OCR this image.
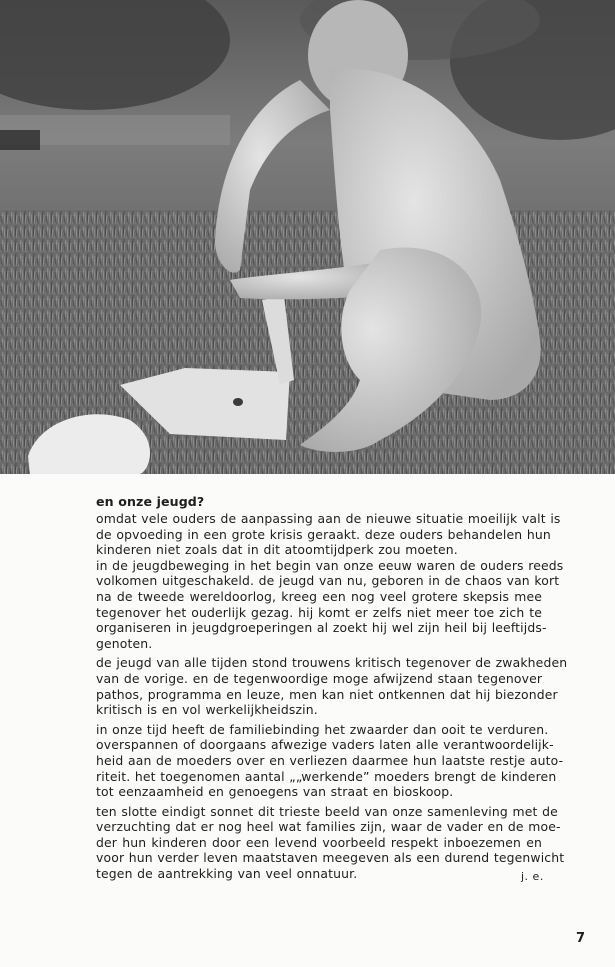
en onze jeugd?

omdat vele ouders de aanpassing aan de nieuwe situatie moeilijk valt is
de opvoeding in een grote krisis geraakt. deze ouders behandelen hun
kinderen niet zoals dat in dit atoomtijdperk zou moeten.

in de jeugdbeweging in het begin van onze eeuw waren de ouders reeds
volkomen uitgeschakeld. de jeugd van nu, geboren in de chaos van kort
na de tweede wereldoorlog, kreeg een nog veel grotere skepsis mee
tegenover het ouderlijk gezag. hij komt er zelfs niet meer toe zich te
organiseren in jeugdgroeperingen al zoekt hij wel zijn heil bij leeftijds-
genoten.

de jeugd van alle tijden stond trouwens kritisch tegenover de zwakheden
van de vorige. en de tegenwoordige moge afwijzend staan tegenover
pathos, programma en leuze, men kan niet ontkennen dat hij biezonder
kritisch is en vol werkelijkheidszin.

in onze tijd heeft de familiebinding het zwaarder dan ooit te verduren.
overspannen of doorgaans afwezige vaders laten alle verantwoordelijk-
heid aan de moeders over en verliezen daarmee hun laatste restje auto-
riteit. het toegenomen aantal „„werkende” moeders brengt de kinderen
tot eenzaamheid en genoegens van straat en bioskoop.

ten slotte eindigt sonnet dit trieste beeld van onze samenleving met de
verzuchting dat er nog heel wat families zijn, waar de vader en de moe-
der hun kinderen door een levend voorbeeld respekt inboezemen en
voor hun verder leven maatstaven meegeven als een durend tegenwicht
tegen de aantrekking van veel onnatuur.	j. e.
7
